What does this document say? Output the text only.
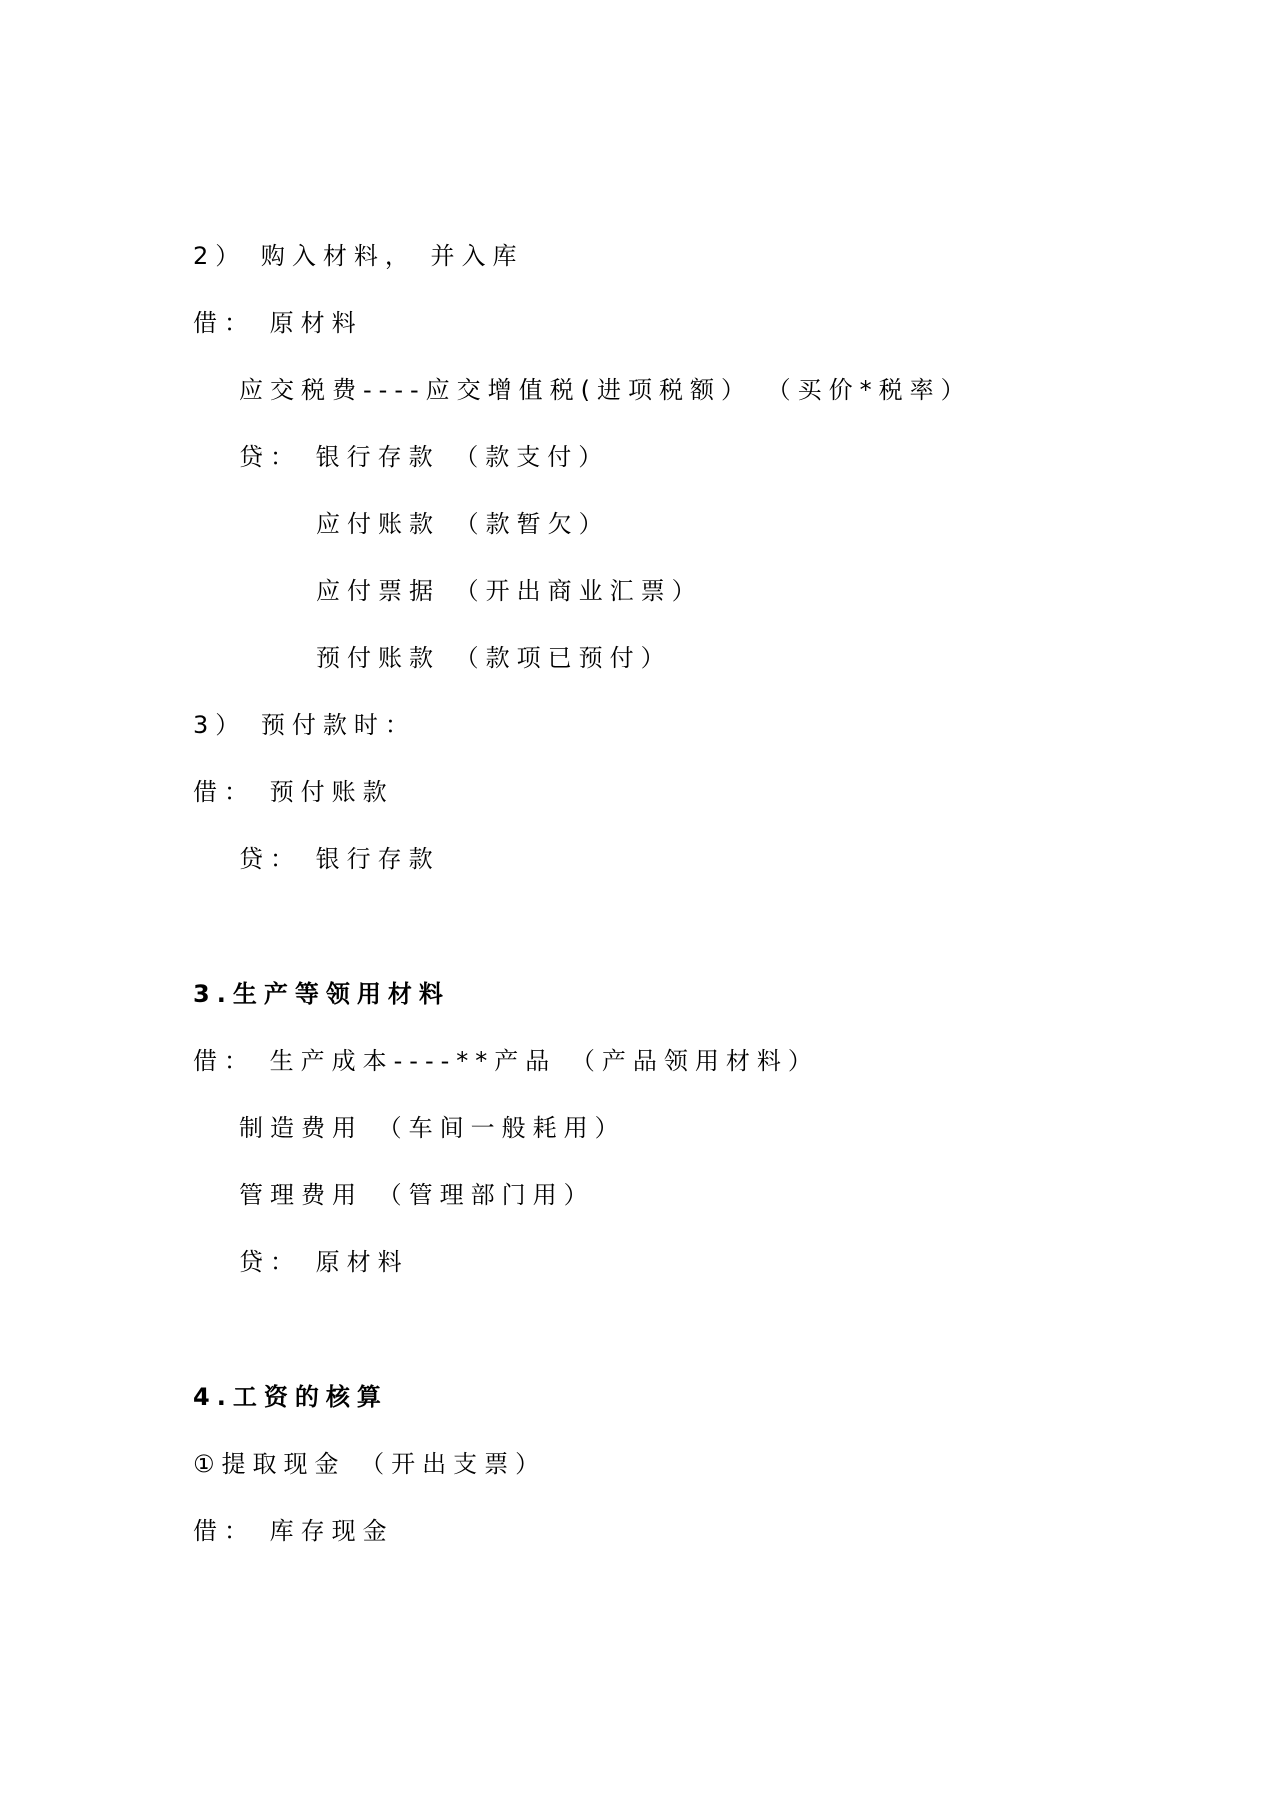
2） 购入材料， 并入库
借： 原材料
应交税费----应交增值税(进项税额） （买价*税率）
贷： 银行存款 （款支付）
应付账款 （款暂欠）
应付票据 （开出商业汇票）
预付账款 （款项已预付）
3） 预付款时：
借： 预付账款
贷： 银行存款
3.生产等领用材料
借： 生产成本----**产品 （产品领用材料）
制造费用 （车间一般耗用）
管理费用 （管理部门用）
贷： 原材料
4.工资的核算
①提取现金 （开出支票）
借： 库存现金
